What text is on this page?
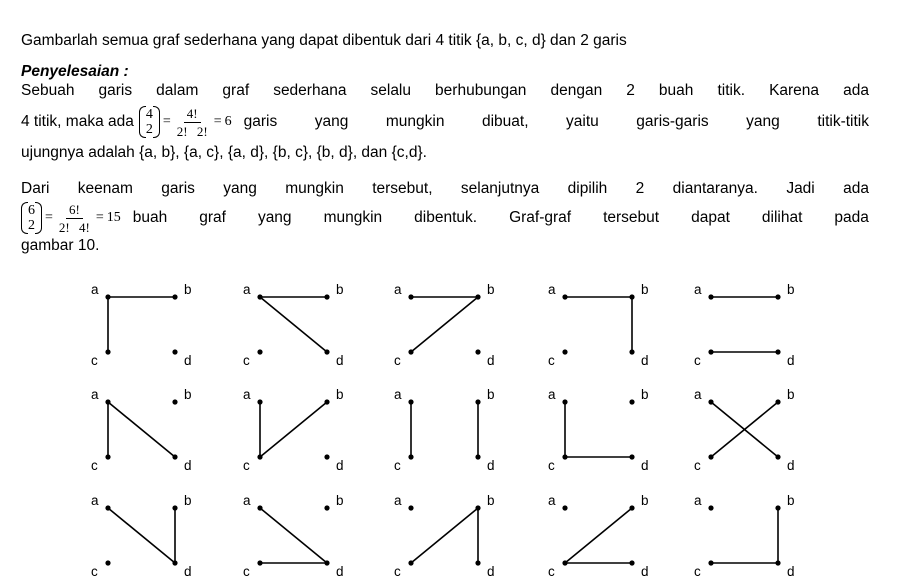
Gambarlah semua graf sederhana yang dapat dibentuk dari 4 titik {a, b, c, d} dan 2 garis
Penyelesaian :
Sebuah garis dalam graf sederhana selalu berhubungan dengan 2 buah titik. Karena ada
4 titik, maka ada 4
2
= $\frac{4!}{2! 2!} = 6$ garis yang mungkin dibuat, yaitu garis-garis yang titik-titik
ujungnya adalah {a, b}, {a, c}, {a, d}, {b, c}, {b, d}, dan {c,d}.
Dari keenam garis yang mungkin tersebut, selanjutnya dipilih 2 diantaranya. Jadi ada
6
2
= $\frac{6!}{2! 4!} = 15$ buah graf yang mungkin dibentuk. Graf-graf tersebut dapat dilihat pada
gambar 10.
a	b
c	d
a	b
c	d
a	b
c	d
a	b
c	d
a	b
c	d
a	b
c	d
a	b
c	d
a	b
c	d
a	b
c	d
a	b
c	d
a	b
c	d
a	b
c	d
a	b
c	d
a	b
c	d
a	b
c	d
